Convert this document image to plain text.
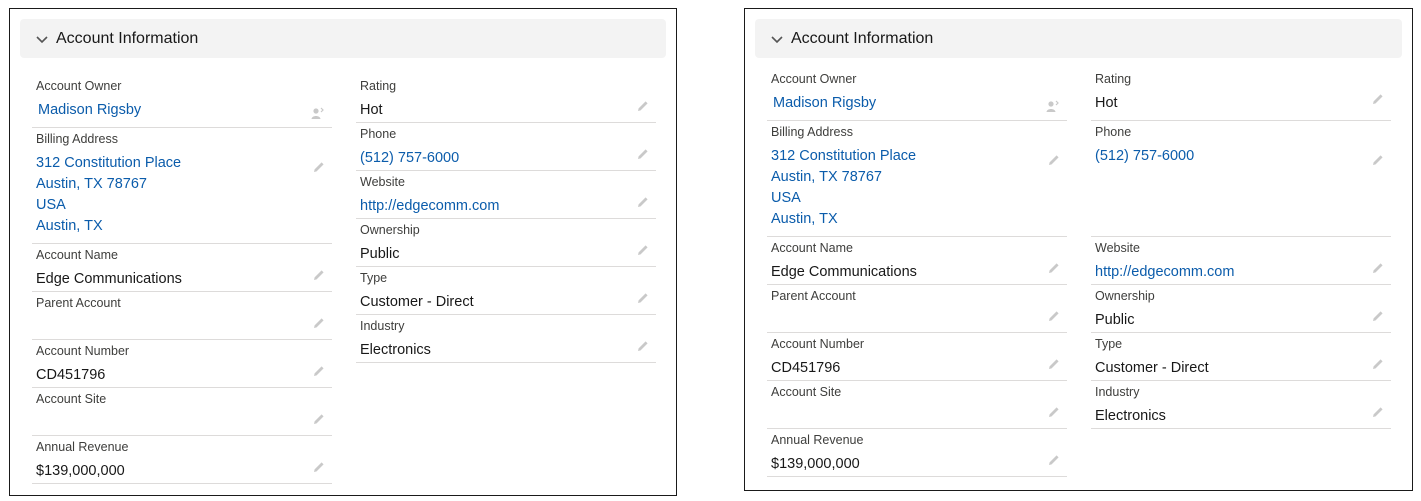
Account Information
Account Owner
Madison Rigsby
Billing Address
312 Constitution Place
Austin, TX 78767
USA
Austin, TX
Account Name
Edge Communications
Parent Account
Account Number
CD451796
Account Site
Annual Revenue
$139,000,000
Rating
Hot
Phone
(512) 757-6000
Website
http://edgecomm.com
Ownership
Public
Type
Customer - Direct
Industry
Electronics
Account Information
Account Owner
Madison Rigsby
Billing Address
312 Constitution Place
Austin, TX 78767
USA
Austin, TX
Account Name
Edge Communications
Parent Account
Account Number
CD451796
Account Site
Annual Revenue
$139,000,000
Rating
Hot
Phone
(512) 757-6000
Website
http://edgecomm.com
Ownership
Public
Type
Customer - Direct
Industry
Electronics
